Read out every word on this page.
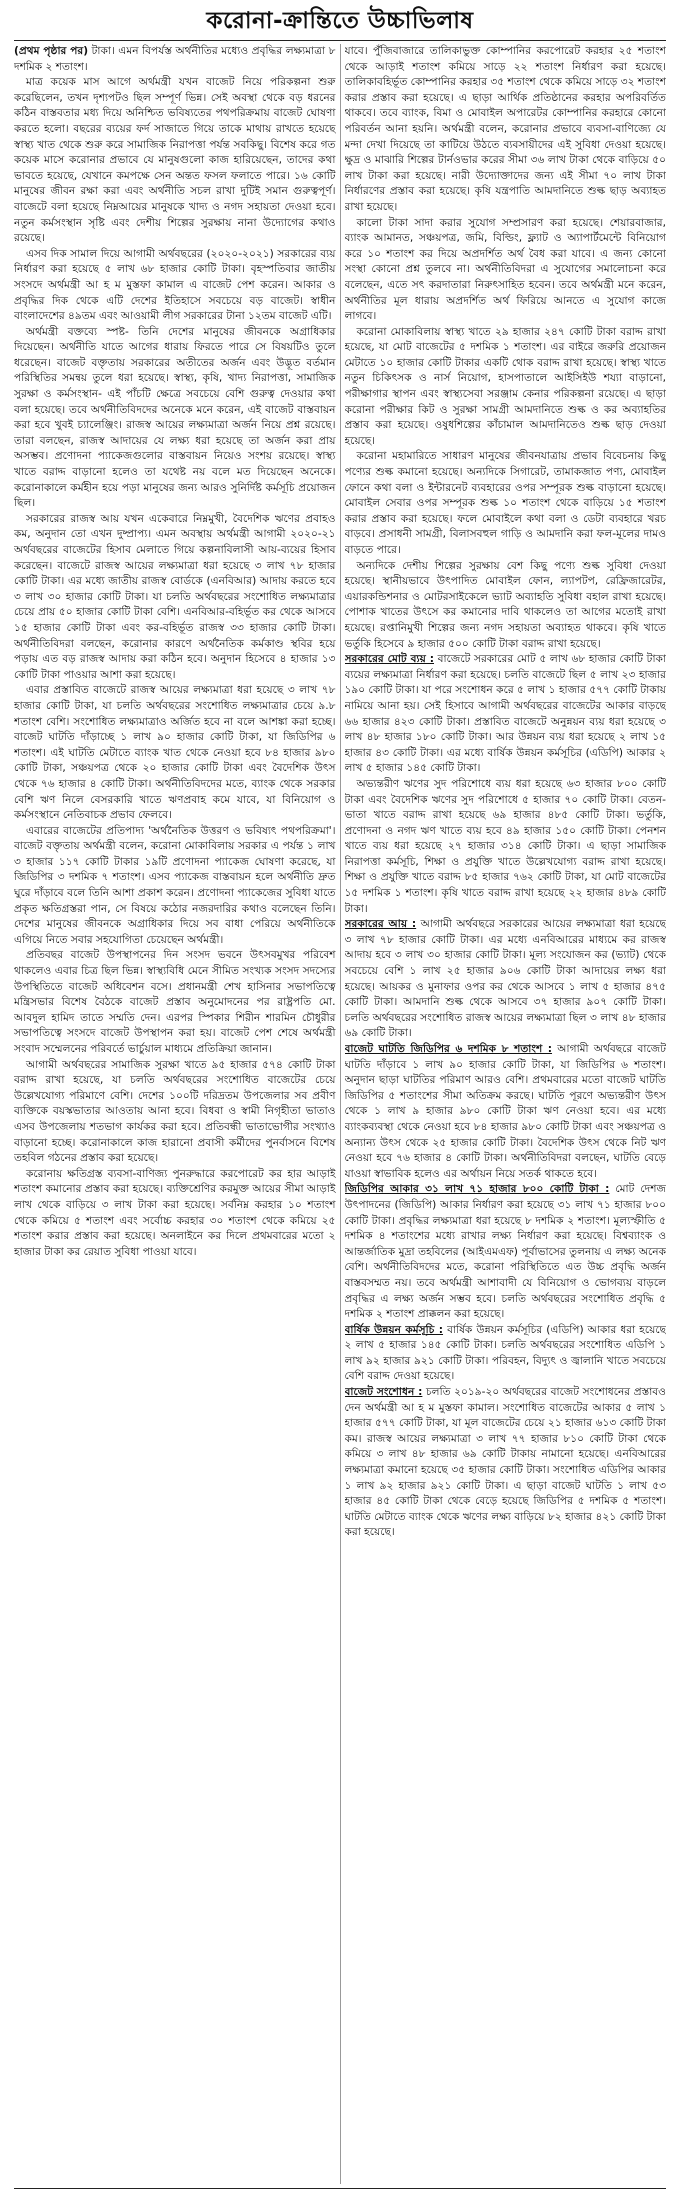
করোনা-ক্রান্তিতে উচ্চাভিলাষ

(প্রথম পৃষ্ঠার পর) টাকা। এমন বিপর্যস্ত অর্থনীতির মধ্যেও প্রবৃদ্ধির লক্ষ্যমাত্রা ৮ দশমিক ২ শতাংশ।

মাত্র কয়েক মাস আগে অর্থমন্ত্রী যখন বাজেট নিয়ে পরিকল্পনা শুরু করেছিলেন, তখন দৃশ্যপটও ছিল সম্পূর্ণ ভিন্ন। সেই অবস্থা থেকে বড় ধরনের কঠিন বাস্তবতার মধ্য দিয়ে অনিশ্চিত ভবিষ্যতের পথপরিক্রমায় বাজেট ঘোষণা করতে হলো। বছরের ব্যয়ের ফর্দ সাজাতে গিয়ে তাকে মাথায় রাখতে হয়েছে স্বাস্থ্য খাত থেকে শুরু করে সামাজিক নিরাপত্তা পর্যন্ত সবকিছু। বিশেষ করে গত কয়েক মাসে করোনার প্রভাবে যে মানুষগুলো কাজ হারিয়েছেন, তাদের কথা ভাবতে হয়েছে, যেখানে কমপক্ষে সেন অন্তত ফসল ফলাতে পারে। ১৬ কোটি মানুষের জীবন রক্ষা করা এবং অর্থনীতি সচল রাখা দুটিই সমান গুরুত্বপূর্ণ। বাজেটে বলা হয়েছে নিম্নআয়ের মানুষকে খাদ্য ও নগদ সহায়তা দেওয়া হবে। নতুন কর্মসংস্থান সৃষ্টি এবং দেশীয় শিল্পের সুরক্ষায় নানা উদ্যোগের কথাও রয়েছে।

এসব দিক সামাল দিয়ে আগামী অর্থবছরের (২০২০-২০২১) সরকারের ব্যয় নির্ধারণ করা হয়েছে ৫ লাখ ৬৮ হাজার কোটি টাকা। বৃহস্পতিবার জাতীয় সংসদে অর্থমন্ত্রী আ হ ম মুস্তফা কামাল এ বাজেট পেশ করেন। আকার ও প্রবৃদ্ধির দিক থেকে এটি দেশের ইতিহাসে সবচেয়ে বড় বাজেট। স্বাধীন বাংলাদেশের ৪৯তম এবং আওয়ামী লীগ সরকারের টানা ১২তম বাজেট এটি।

অর্থমন্ত্রী বক্তব্যে স্পষ্ট- তিনি দেশের মানুষের জীবনকে অগ্রাধিকার দিয়েছেন। অর্থনীতি যাতে আগের ধারায় ফিরতে পারে সে বিষয়টিও তুলে ধরেছেন। বাজেট বক্তৃতায় সরকারের অতীতের অর্জন এবং উদ্ভূত বর্তমান পরিস্থিতির সমন্বয় তুলে ধরা হয়েছে। স্বাস্থ্য, কৃষি, খাদ্য নিরাপত্তা, সামাজিক সুরক্ষা ও কর্মসংস্থান- এই পাঁচটি ক্ষেত্রে সবচেয়ে বেশি গুরুত্ব দেওয়ার কথা বলা হয়েছে। তবে অর্থনীতিবিদদের অনেকে মনে করেন, এই বাজেট বাস্তবায়ন করা হবে খুবই চ্যালেঞ্জিং। রাজস্ব আয়ের লক্ষ্যমাত্রা অর্জন নিয়ে প্রশ্ন রয়েছে। তারা বলছেন, রাজস্ব আদায়ের যে লক্ষ্য ধরা হয়েছে তা অর্জন করা প্রায় অসম্ভব। প্রণোদনা প্যাকেজগুলোর বাস্তবায়ন নিয়েও সংশয় রয়েছে। স্বাস্থ্য খাতে বরাদ্দ বাড়ানো হলেও তা যথেষ্ট নয় বলে মত দিয়েছেন অনেকে। করোনাকালে কর্মহীন হয়ে পড়া মানুষের জন্য আরও সুনির্দিষ্ট কর্মসূচি প্রয়োজন ছিল।

সরকারের রাজস্ব আয় যখন একেবারে নিম্নমুখী, বৈদেশিক ঋণের প্রবাহও কম, অনুদান তো এখন দুষ্প্রাপ্য। এমন অবস্থায় অর্থমন্ত্রী আগামী ২০২০-২১ অর্থবছরের বাজেটের হিসাব মেলাতে গিয়ে কল্পনাবিলাসী আয়-ব্যয়ের হিসাব করেছেন। বাজেটে রাজস্ব আয়ের লক্ষ্যমাত্রা ধরা হয়েছে ৩ লাখ ৭৮ হাজার কোটি টাকা। এর মধ্যে জাতীয় রাজস্ব বোর্ডকে (এনবিআর) আদায় করতে হবে ৩ লাখ ৩০ হাজার কোটি টাকা। যা চলতি অর্থবছরের সংশোধিত লক্ষ্যমাত্রার চেয়ে প্রায় ৫০ হাজার কোটি টাকা বেশি। এনবিআর-বহির্ভূত কর থেকে আসবে ১৫ হাজার কোটি টাকা এবং কর-বহির্ভূত রাজস্ব ৩৩ হাজার কোটি টাকা। অর্থনীতিবিদরা বলছেন, করোনার কারণে অর্থনৈতিক কর্মকাণ্ড স্থবির হয়ে পড়ায় এত বড় রাজস্ব আদায় করা কঠিন হবে। অনুদান হিসেবে ৪ হাজার ১৩ কোটি টাকা পাওয়ার আশা করা হয়েছে।

এবার প্রস্তাবিত বাজেটে রাজস্ব আয়ের লক্ষ্যমাত্রা ধরা হয়েছে ৩ লাখ ৭৮ হাজার কোটি টাকা, যা চলতি অর্থবছরের সংশোধিত লক্ষ্যমাত্রার চেয়ে ৯.৮ শতাংশ বেশি। সংশোধিত লক্ষ্যমাত্রাও অর্জিত হবে না বলে আশঙ্কা করা হচ্ছে। বাজেট ঘাটতি দাঁড়াচ্ছে ১ লাখ ৯০ হাজার কোটি টাকা, যা জিডিপির ৬ শতাংশ। এই ঘাটতি মেটাতে ব্যাংক খাত থেকে নেওয়া হবে ৮৪ হাজার ৯৮০ কোটি টাকা, সঞ্চয়পত্র থেকে ২০ হাজার কোটি টাকা এবং বৈদেশিক উৎস থেকে ৭৬ হাজার ৪ কোটি টাকা। অর্থনীতিবিদদের মতে, ব্যাংক থেকে সরকার বেশি ঋণ নিলে বেসরকারি খাতে ঋণপ্রবাহ কমে যাবে, যা বিনিয়োগ ও কর্মসংস্থানে নেতিবাচক প্রভাব ফেলবে।

এবারের বাজেটের প্রতিপাদ্য 'অর্থনৈতিক উত্তরণ ও ভবিষ্যৎ পথপরিক্রমা'। বাজেট বক্তৃতায় অর্থমন্ত্রী বলেন, করোনা মোকাবিলায় সরকার এ পর্যন্ত ১ লাখ ৩ হাজার ১১৭ কোটি টাকার ১৯টি প্রণোদনা প্যাকেজ ঘোষণা করেছে, যা জিডিপির ৩ দশমিক ৭ শতাংশ। এসব প্যাকেজ বাস্তবায়ন হলে অর্থনীতি দ্রুত ঘুরে দাঁড়াবে বলে তিনি আশা প্রকাশ করেন। প্রণোদনা প্যাকেজের সুবিধা যাতে প্রকৃত ক্ষতিগ্রস্তরা পান, সে বিষয়ে কঠোর নজরদারির কথাও বলেছেন তিনি। দেশের মানুষের জীবনকে অগ্রাধিকার দিয়ে সব বাধা পেরিয়ে অর্থনীতিকে এগিয়ে নিতে সবার সহযোগিতা চেয়েছেন অর্থমন্ত্রী।

প্রতিবছর বাজেট উপস্থাপনের দিন সংসদ ভবনে উৎসবমুখর পরিবেশ থাকলেও এবার চিত্র ছিল ভিন্ন। স্বাস্থ্যবিধি মেনে সীমিত সংখ্যক সংসদ সদস্যের উপস্থিতিতে বাজেট অধিবেশন বসে। প্রধানমন্ত্রী শেখ হাসিনার সভাপতিত্বে মন্ত্রিসভার বিশেষ বৈঠকে বাজেট প্রস্তাব অনুমোদনের পর রাষ্ট্রপতি মো. আবদুল হামিদ তাতে সম্মতি দেন। এরপর স্পিকার শিরীন শারমিন চৌধুরীর সভাপতিত্বে সংসদে বাজেট উপস্থাপন করা হয়। বাজেট পেশ শেষে অর্থমন্ত্রী সংবাদ সম্মেলনের পরিবর্তে ভার্চুয়াল মাধ্যমে প্রতিক্রিয়া জানান।

আগামী অর্থবছরের সামাজিক সুরক্ষা খাতে ৯৫ হাজার ৫৭৪ কোটি টাকা বরাদ্দ রাখা হয়েছে, যা চলতি অর্থবছরের সংশোধিত বাজেটের চেয়ে উল্লেখযোগ্য পরিমাণে বেশি। দেশের ১০০টি দরিদ্রতম উপজেলার সব প্রবীণ ব্যক্তিকে বয়স্কভাতার আওতায় আনা হবে। বিধবা ও স্বামী নিগৃহীতা ভাতাও এসব উপজেলায় শতভাগ কার্যকর করা হবে। প্রতিবন্ধী ভাতাভোগীর সংখ্যাও বাড়ানো হচ্ছে। করোনাকালে কাজ হারানো প্রবাসী কর্মীদের পুনর্বাসনে বিশেষ তহবিল গঠনের প্রস্তাব করা হয়েছে।

করোনায় ক্ষতিগ্রস্ত ব্যবসা-বাণিজ্য পুনরুদ্ধারে করপোরেট কর হার আড়াই শতাংশ কমানোর প্রস্তাব করা হয়েছে। ব্যক্তিশ্রেণির করমুক্ত আয়ের সীমা আড়াই লাখ থেকে বাড়িয়ে ৩ লাখ টাকা করা হয়েছে। সর্বনিম্ন করহার ১০ শতাংশ থেকে কমিয়ে ৫ শতাংশ এবং সর্বোচ্চ করহার ৩০ শতাংশ থেকে কমিয়ে ২৫ শতাংশ করার প্রস্তাব করা হয়েছে। অনলাইনে কর দিলে প্রথমবারের মতো ২ হাজার টাকা কর রেয়াত সুবিধা পাওয়া যাবে।

যাবে। পুঁজিবাজারে তালিকাভুক্ত কোম্পানির করপোরেট করহার ২৫ শতাংশ থেকে আড়াই শতাংশ কমিয়ে সাড়ে ২২ শতাংশ নির্ধারণ করা হয়েছে। তালিকাবহির্ভূত কোম্পানির করহার ৩৫ শতাংশ থেকে কমিয়ে সাড়ে ৩২ শতাংশ করার প্রস্তাব করা হয়েছে। এ ছাড়া আর্থিক প্রতিষ্ঠানের করহার অপরিবর্তিত থাকবে। তবে ব্যাংক, বিমা ও মোবাইল অপারেটর কোম্পানির করহারে কোনো পরিবর্তন আনা হয়নি। অর্থমন্ত্রী বলেন, করোনার প্রভাবে ব্যবসা-বাণিজ্যে যে মন্দা দেখা দিয়েছে তা কাটিয়ে উঠতে ব্যবসায়ীদের এই সুবিধা দেওয়া হয়েছে। ক্ষুদ্র ও মাঝারি শিল্পের টার্নওভার করের সীমা ৩৬ লাখ টাকা থেকে বাড়িয়ে ৫০ লাখ টাকা করা হয়েছে। নারী উদ্যোক্তাদের জন্য এই সীমা ৭০ লাখ টাকা নির্ধারণের প্রস্তাব করা হয়েছে। কৃষি যন্ত্রপাতি আমদানিতে শুল্ক ছাড় অব্যাহত রাখা হয়েছে।

কালো টাকা সাদা করার সুযোগ সম্প্রসারণ করা হয়েছে। শেয়ারবাজার, ব্যাংক আমানত, সঞ্চয়পত্র, জমি, বিল্ডিং, ফ্ল্যাট ও অ্যাপার্টমেন্টে বিনিয়োগ করে ১০ শতাংশ কর দিয়ে অপ্রদর্শিত অর্থ বৈধ করা যাবে। এ জন্য কোনো সংস্থা কোনো প্রশ্ন তুলবে না। অর্থনীতিবিদরা এ সুযোগের সমালোচনা করে বলেছেন, এতে সৎ করদাতারা নিরুৎসাহিত হবেন। তবে অর্থমন্ত্রী মনে করেন, অর্থনীতির মূল ধারায় অপ্রদর্শিত অর্থ ফিরিয়ে আনতে এ সুযোগ কাজে লাগবে।

করোনা মোকাবিলায় স্বাস্থ্য খাতে ২৯ হাজার ২৪৭ কোটি টাকা বরাদ্দ রাখা হয়েছে, যা মোট বাজেটের ৫ দশমিক ১ শতাংশ। এর বাইরে জরুরি প্রয়োজন মেটাতে ১০ হাজার কোটি টাকার একটি থোক বরাদ্দ রাখা হয়েছে। স্বাস্থ্য খাতে নতুন চিকিৎসক ও নার্স নিয়োগ, হাসপাতালে আইসিইউ শয্যা বাড়ানো, পরীক্ষাগার স্থাপন এবং স্বাস্থ্যসেবা সরঞ্জাম কেনার পরিকল্পনা রয়েছে। এ ছাড়া করোনা পরীক্ষার কিট ও সুরক্ষা সামগ্রী আমদানিতে শুল্ক ও কর অব্যাহতির প্রস্তাব করা হয়েছে। ওষুধশিল্পের কাঁচামাল আমদানিতেও শুল্ক ছাড় দেওয়া হয়েছে।

করোনা মহামারিতে সাধারণ মানুষের জীবনযাত্রায় প্রভাব বিবেচনায় কিছু পণ্যের শুল্ক কমানো হয়েছে। অন্যদিকে সিগারেট, তামাকজাত পণ্য, মোবাইল ফোনে কথা বলা ও ইন্টারনেট ব্যবহারের ওপর সম্পূরক শুল্ক বাড়ানো হয়েছে। মোবাইল সেবার ওপর সম্পূরক শুল্ক ১০ শতাংশ থেকে বাড়িয়ে ১৫ শতাংশ করার প্রস্তাব করা হয়েছে। ফলে মোবাইলে কথা বলা ও ডেটা ব্যবহারে খরচ বাড়বে। প্রসাধনী সামগ্রী, বিলাসবহুল গাড়ি ও আমদানি করা ফল-মূলের দামও বাড়তে পারে।

অন্যদিকে দেশীয় শিল্পের সুরক্ষায় বেশ কিছু পণ্যে শুল্ক সুবিধা দেওয়া হয়েছে। স্থানীয়ভাবে উৎপাদিত মোবাইল ফোন, ল্যাপটপ, রেফ্রিজারেটর, এয়ারকন্ডিশনার ও মোটরসাইকেলে ভ্যাট অব্যাহতি সুবিধা বহাল রাখা হয়েছে। পোশাক খাতের উৎসে কর কমানোর দাবি থাকলেও তা আগের মতোই রাখা হয়েছে। রপ্তানিমুখী শিল্পের জন্য নগদ সহায়তা অব্যাহত থাকবে। কৃষি খাতে ভর্তুকি হিসেবে ৯ হাজার ৫০০ কোটি টাকা বরাদ্দ রাখা হয়েছে।

সরকারের মোট ব্যয় : বাজেটে সরকারের মোট ৫ লাখ ৬৮ হাজার কোটি টাকা ব্যয়ের লক্ষ্যমাত্রা নির্ধারণ করা হয়েছে। চলতি বাজেটে ছিল ৫ লাখ ২৩ হাজার ১৯০ কোটি টাকা। যা পরে সংশোধন করে ৫ লাখ ১ হাজার ৫৭৭ কোটি টাকায় নামিয়ে আনা হয়। সেই হিসাবে আগামী অর্থবছরের বাজেটের আকার বাড়ছে ৬৬ হাজার ৪২৩ কোটি টাকা। প্রস্তাবিত বাজেটে অনুন্নয়ন ব্যয় ধরা হয়েছে ৩ লাখ ৪৮ হাজার ১৮০ কোটি টাকা। আর উন্নয়ন ব্যয় ধরা হয়েছে ২ লাখ ১৫ হাজার ৪৩ কোটি টাকা। এর মধ্যে বার্ষিক উন্নয়ন কর্মসূচির (এডিপি) আকার ২ লাখ ৫ হাজার ১৪৫ কোটি টাকা।

অভ্যন্তরীণ ঋণের সুদ পরিশোধে ব্যয় ধরা হয়েছে ৬৩ হাজার ৮০০ কোটি টাকা এবং বৈদেশিক ঋণের সুদ পরিশোধে ৫ হাজার ৭০ কোটি টাকা। বেতন-ভাতা খাতে বরাদ্দ রাখা হয়েছে ৬৯ হাজার ৪৮৫ কোটি টাকা। ভর্তুকি, প্রণোদনা ও নগদ ঋণ খাতে ব্যয় হবে ৪৯ হাজার ১৫০ কোটি টাকা। পেনশন খাতে ব্যয় ধরা হয়েছে ২৭ হাজার ৩১৪ কোটি টাকা। এ ছাড়া সামাজিক নিরাপত্তা কর্মসূচি, শিক্ষা ও প্রযুক্তি খাতে উল্লেখযোগ্য বরাদ্দ রাখা হয়েছে। শিক্ষা ও প্রযুক্তি খাতে বরাদ্দ ৮৫ হাজার ৭৬২ কোটি টাকা, যা মোট বাজেটের ১৫ দশমিক ১ শতাংশ। কৃষি খাতে বরাদ্দ রাখা হয়েছে ২২ হাজার ৪৮৯ কোটি টাকা।

সরকারের আয় : আগামী অর্থবছরে সরকারের আয়ের লক্ষ্যমাত্রা ধরা হয়েছে ৩ লাখ ৭৮ হাজার কোটি টাকা। এর মধ্যে এনবিআরের মাধ্যমে কর রাজস্ব আদায় হবে ৩ লাখ ৩০ হাজার কোটি টাকা। মূল্য সংযোজন কর (ভ্যাট) থেকে সবচেয়ে বেশি ১ লাখ ২৫ হাজার ৯০৬ কোটি টাকা আদায়ের লক্ষ্য ধরা হয়েছে। আয়কর ও মুনাফার ওপর কর থেকে আসবে ১ লাখ ৫ হাজার ৪৭৫ কোটি টাকা। আমদানি শুল্ক থেকে আসবে ৩৭ হাজার ৯০৭ কোটি টাকা। চলতি অর্থবছরের সংশোধিত রাজস্ব আয়ের লক্ষ্যমাত্রা ছিল ৩ লাখ ৪৮ হাজার ৬৯ কোটি টাকা।

বাজেট ঘাটতি জিডিপির ৬ দশমিক ৮ শতাংশ : আগামী অর্থবছরে বাজেট ঘাটতি দাঁড়াবে ১ লাখ ৯০ হাজার কোটি টাকা, যা জিডিপির ৬ শতাংশ। অনুদান ছাড়া ঘাটতির পরিমাণ আরও বেশি। প্রথমবারের মতো বাজেট ঘাটতি জিডিপির ৫ শতাংশের সীমা অতিক্রম করছে। ঘাটতি পূরণে অভ্যন্তরীণ উৎস থেকে ১ লাখ ৯ হাজার ৯৮০ কোটি টাকা ঋণ নেওয়া হবে। এর মধ্যে ব্যাংকব্যবস্থা থেকে নেওয়া হবে ৮৪ হাজার ৯৮০ কোটি টাকা এবং সঞ্চয়পত্র ও অন্যান্য উৎস থেকে ২৫ হাজার কোটি টাকা। বৈদেশিক উৎস থেকে নিট ঋণ নেওয়া হবে ৭৬ হাজার ৪ কোটি টাকা। অর্থনীতিবিদরা বলছেন, ঘাটতি বেড়ে যাওয়া স্বাভাবিক হলেও এর অর্থায়ন নিয়ে সতর্ক থাকতে হবে।

জিডিপির আকার ৩১ লাখ ৭১ হাজার ৮০০ কোটি টাকা : মোট দেশজ উৎপাদনের (জিডিপি) আকার নির্ধারণ করা হয়েছে ৩১ লাখ ৭১ হাজার ৮০০ কোটি টাকা। প্রবৃদ্ধির লক্ষ্যমাত্রা ধরা হয়েছে ৮ দশমিক ২ শতাংশ। মূল্যস্ফীতি ৫ দশমিক ৪ শতাংশের মধ্যে রাখার লক্ষ্য নির্ধারণ করা হয়েছে। বিশ্বব্যাংক ও আন্তর্জাতিক মুদ্রা তহবিলের (আইএমএফ) পূর্বাভাসের তুলনায় এ লক্ষ্য অনেক বেশি। অর্থনীতিবিদদের মতে, করোনা পরিস্থিতিতে এত উচ্চ প্রবৃদ্ধি অর্জন বাস্তবসম্মত নয়। তবে অর্থমন্ত্রী আশাবাদী যে বিনিয়োগ ও ভোগব্যয় বাড়লে প্রবৃদ্ধির এ লক্ষ্য অর্জন সম্ভব হবে। চলতি অর্থবছরের সংশোধিত প্রবৃদ্ধি ৫ দশমিক ২ শতাংশ প্রাক্কলন করা হয়েছে।

বার্ষিক উন্নয়ন কর্মসূচি : বার্ষিক উন্নয়ন কর্মসূচির (এডিপি) আকার ধরা হয়েছে ২ লাখ ৫ হাজার ১৪৫ কোটি টাকা। চলতি অর্থবছরের সংশোধিত এডিপি ১ লাখ ৯২ হাজার ৯২১ কোটি টাকা। পরিবহন, বিদ্যুৎ ও জ্বালানি খাতে সবচেয়ে বেশি বরাদ্দ দেওয়া হয়েছে।

বাজেট সংশোধন : চলতি ২০১৯-২০ অর্থবছরের বাজেট সংশোধনের প্রস্তাবও দেন অর্থমন্ত্রী আ হ ম মুস্তফা কামাল। সংশোধিত বাজেটের আকার ৫ লাখ ১ হাজার ৫৭৭ কোটি টাকা, যা মূল বাজেটের চেয়ে ২১ হাজার ৬১৩ কোটি টাকা কম। রাজস্ব আয়ের লক্ষ্যমাত্রা ৩ লাখ ৭৭ হাজার ৮১০ কোটি টাকা থেকে কমিয়ে ৩ লাখ ৪৮ হাজার ৬৯ কোটি টাকায় নামানো হয়েছে। এনবিআরের লক্ষ্যমাত্রা কমানো হয়েছে ৩৫ হাজার কোটি টাকা। সংশোধিত এডিপির আকার ১ লাখ ৯২ হাজার ৯২১ কোটি টাকা। এ ছাড়া বাজেট ঘাটতি ১ লাখ ৫৩ হাজার ৪৫ কোটি টাকা থেকে বেড়ে হয়েছে জিডিপির ৫ দশমিক ৫ শতাংশ। ঘাটতি মেটাতে ব্যাংক থেকে ঋণের লক্ষ্য বাড়িয়ে ৮২ হাজার ৪২১ কোটি টাকা করা হয়েছে।
